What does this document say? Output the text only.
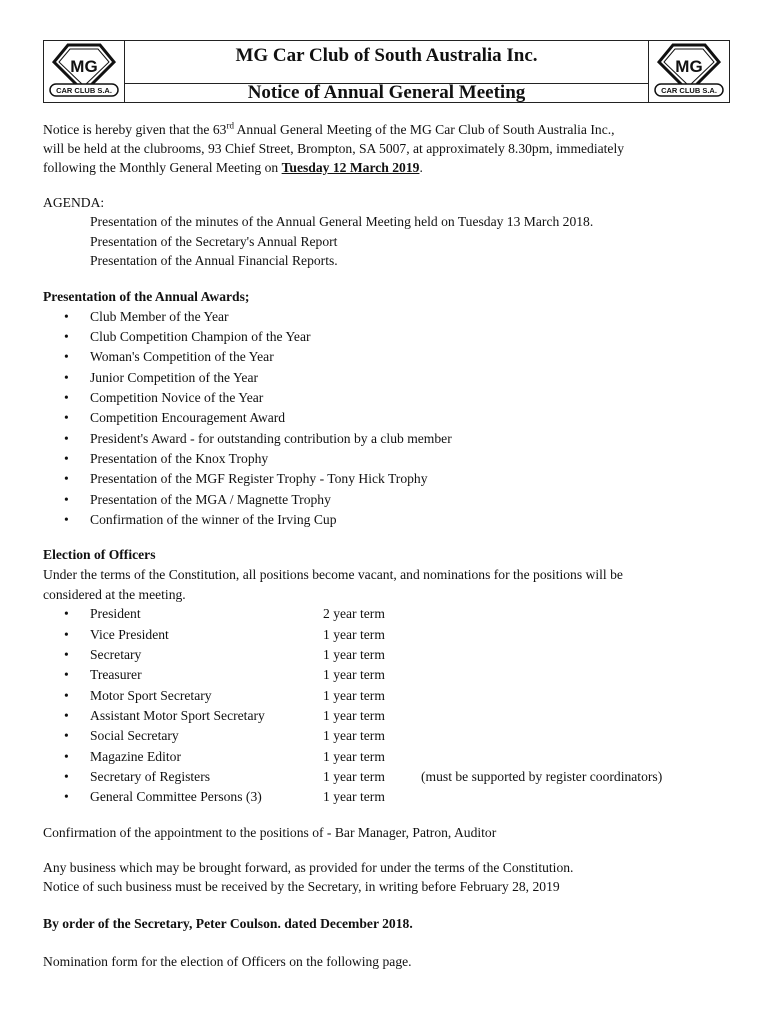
MG
CAR CLUB S.A.
MG Car Club of South Australia Inc.
Notice of Annual General Meeting
MG
CAR CLUB S.A.
Notice is hereby given that the 63rd Annual General Meeting of the MG Car Club of South Australia Inc.,
will be held at the clubrooms, 93 Chief Street, Brompton, SA 5007, at approximately 8.30pm, immediately
following the Monthly General Meeting on Tuesday 12 March 2019.
AGENDA:
Presentation of the minutes of the Annual General Meeting held on Tuesday 13 March 2018.
Presentation of the Secretary's Annual Report
Presentation of the Annual Financial Reports.
Presentation of the Annual Awards;
• Club Member of the Year
• Club Competition Champion of the Year
• Woman's Competition of the Year
• Junior Competition of the Year
• Competition Novice of the Year
• Competition Encouragement Award
• President's Award - for outstanding contribution by a club member
• Presentation of the Knox Trophy
• Presentation of the MGF Register Trophy - Tony Hick Trophy
• Presentation of the MGA / Magnette Trophy
• Confirmation of the winner of the Irving Cup
Election of Officers
Under the terms of the Constitution, all positions become vacant, and nominations for the positions will be
considered at the meeting.
• President	2 year term
• Vice President	1 year term
• Secretary	1 year term
• Treasurer	1 year term
• Motor Sport Secretary	1 year term
• Assistant Motor Sport Secretary	1 year term
• Social Secretary	1 year term
• Magazine Editor	1 year term
• Secretary of Registers	1 year term	(must be supported by register coordinators)
• General Committee Persons (3)	1 year term
Confirmation of the appointment to the positions of - Bar Manager, Patron, Auditor
Any business which may be brought forward, as provided for under the terms of the Constitution.
Notice of such business must be received by the Secretary, in writing before February 28, 2019
By order of the Secretary, Peter Coulson. dated December 2018.
Nomination form for the election of Officers on the following page.
